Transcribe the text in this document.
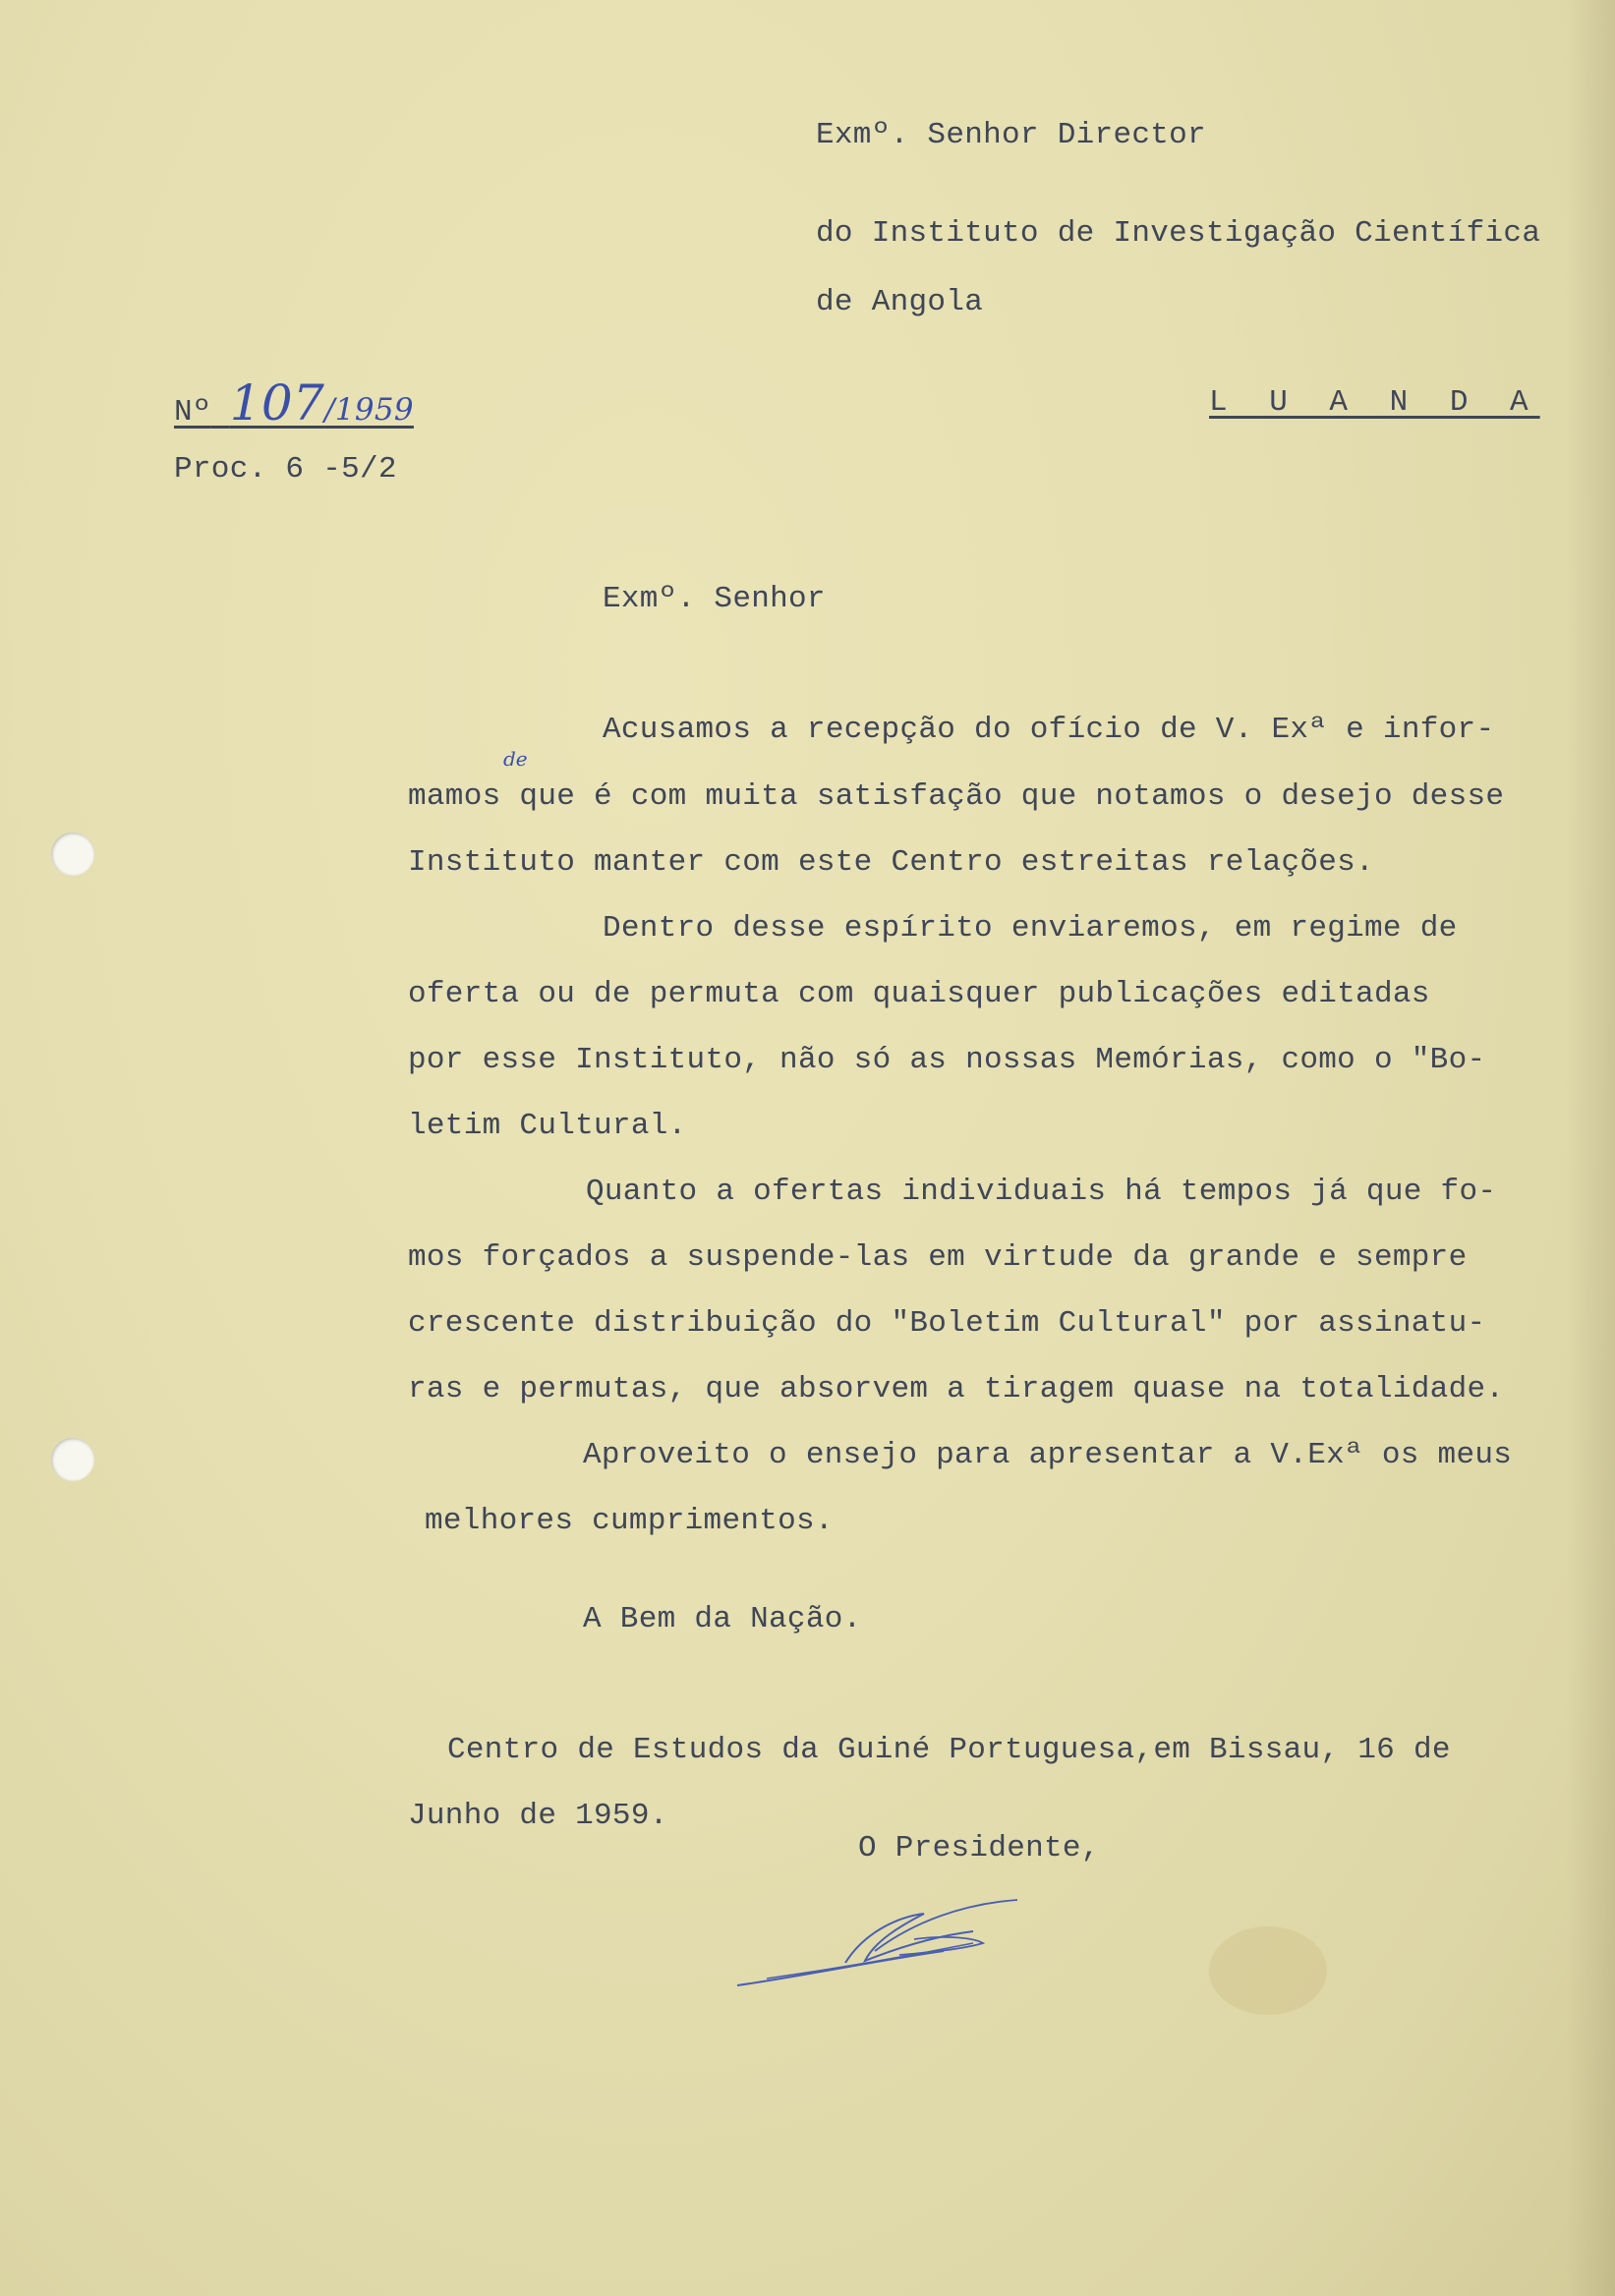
Exmº. Senhor Director
do Instituto de Investigação Científica
de Angola
Nº 107/1959
Proc. 6 -5/2
L U A N D A
Exmº. Senhor
Acusamos a recepção do ofício de V. Exª e infor-
de
mamos que é com muita satisfação que notamos o desejo desse
Instituto manter com este Centro estreitas relações.
Dentro desse espírito enviaremos, em regime de
oferta ou de permuta com quaisquer publicações editadas
por esse Instituto, não só as nossas Memórias, como o "Bo-
letim Cultural.
Quanto a ofertas individuais há tempos já que fo-
mos forçados a suspende-las em virtude da grande e sempre
crescente distribuição do "Boletim Cultural" por assinatu-
ras e permutas, que absorvem a tiragem quase na totalidade.
Aproveito o ensejo para apresentar a V.Exª os meus
melhores cumprimentos.
A Bem da Nação.
Centro de Estudos da Guiné Portuguesa,em Bissau, 16 de
Junho de 1959.
O Presidente,
